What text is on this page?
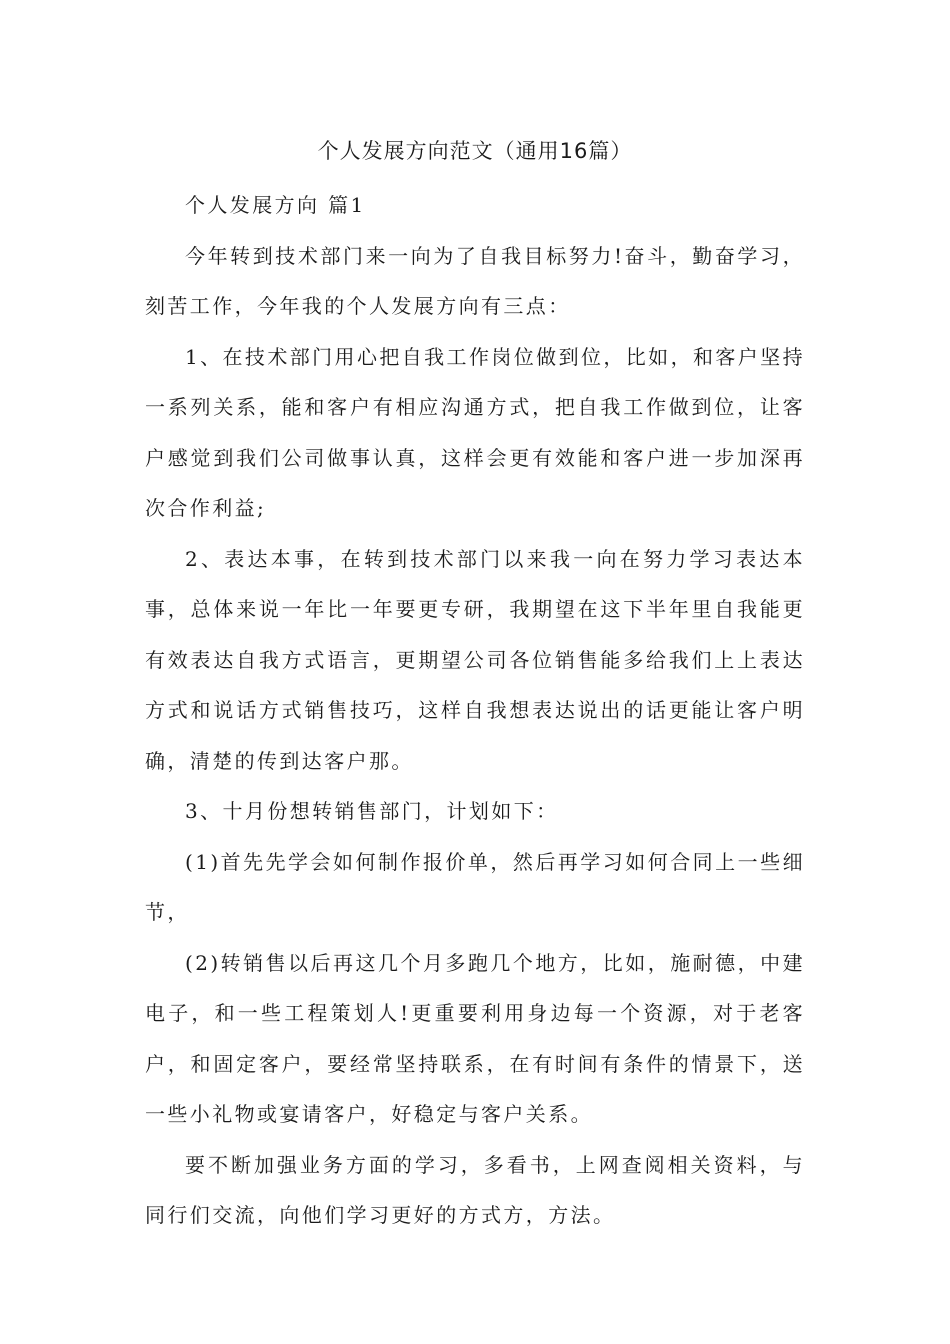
个人发展方向范文（通用16篇）

个人发展方向 篇1

今年转到技术部门来一向为了自我目标努力!奋斗，勤奋学习，刻苦工作，今年我的个人发展方向有三点：

1、在技术部门用心把自我工作岗位做到位，比如，和客户坚持一系列关系，能和客户有相应沟通方式，把自我工作做到位，让客户感觉到我们公司做事认真，这样会更有效能和客户进一步加深再次合作利益;

2、表达本事，在转到技术部门以来我一向在努力学习表达本事，总体来说一年比一年要更专研，我期望在这下半年里自我能更有效表达自我方式语言，更期望公司各位销售能多给我们上上表达方式和说话方式销售技巧，这样自我想表达说出的话更能让客户明确，清楚的传到达客户那。

3、十月份想转销售部门，计划如下：

(1)首先先学会如何制作报价单，然后再学习如何合同上一些细节，

(2)转销售以后再这几个月多跑几个地方，比如，施耐德，中建电子，和一些工程策划人!更重要利用身边每一个资源，对于老客户，和固定客户，要经常坚持联系，在有时间有条件的情景下，送一些小礼物或宴请客户，好稳定与客户关系。

要不断加强业务方面的学习，多看书，上网查阅相关资料，与同行们交流，向他们学习更好的方式方，方法。
